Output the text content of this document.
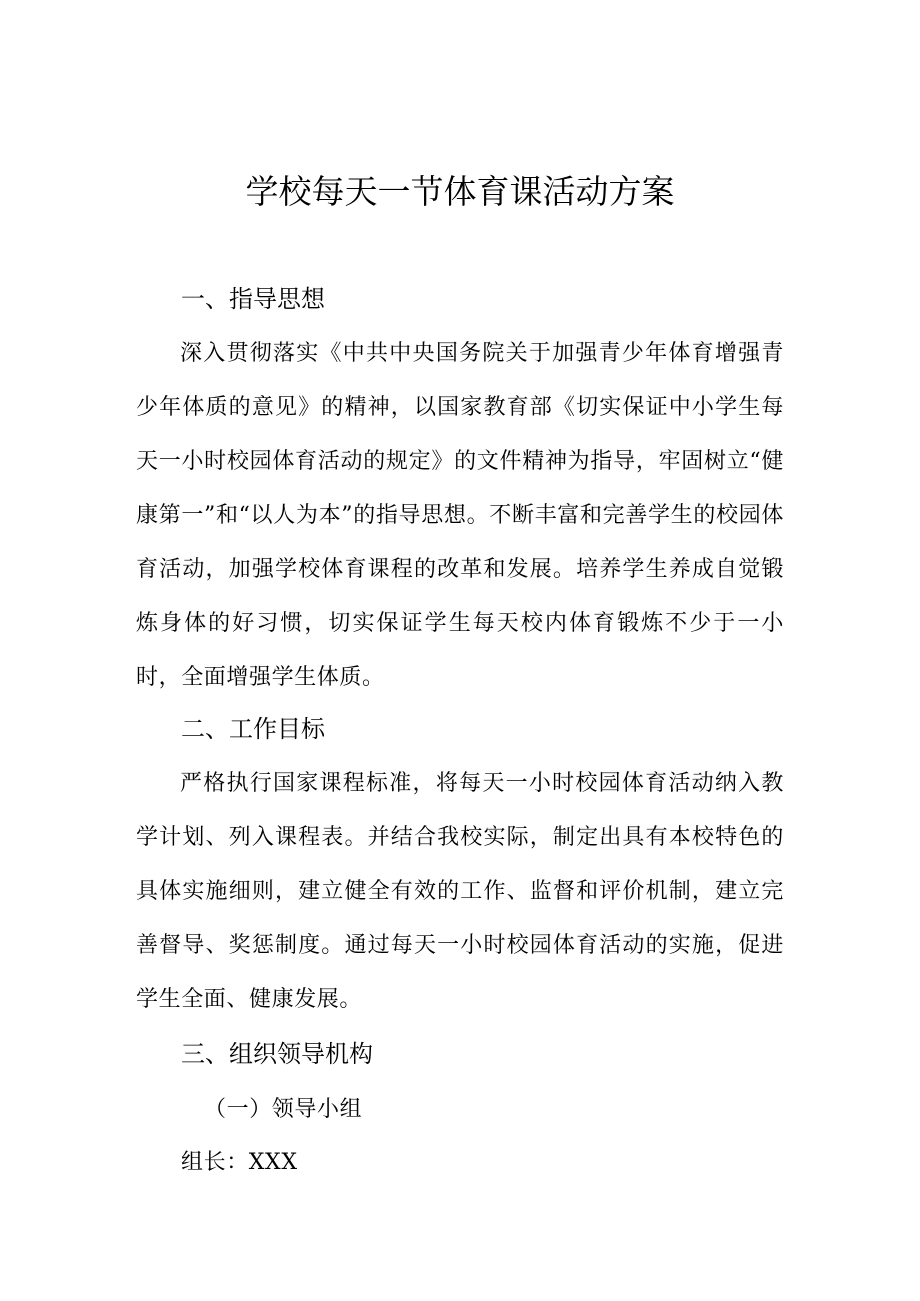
学校每天一节体育课活动方案
一、指导思想
深入贯彻落实《中共中央国务院关于加强青少年体育增强青少年体质的意见》的精神，以国家教育部《切实保证中小学生每天一小时校园体育活动的规定》的文件精神为指导，牢固树立“健康第一”和“以人为本”的指导思想。不断丰富和完善学生的校园体育活动，加强学校体育课程的改革和发展。培养学生养成自觉锻炼身体的好习惯，切实保证学生每天校内体育锻炼不少于一小时，全面增强学生体质。
二、工作目标
严格执行国家课程标准，将每天一小时校园体育活动纳入教学计划、列入课程表。并结合我校实际，制定出具有本校特色的具体实施细则，建立健全有效的工作、监督和评价机制，建立完善督导、奖惩制度。通过每天一小时校园体育活动的实施，促进学生全面、健康发展。
三、组织领导机构
（一）领导小组
组长：XXX
